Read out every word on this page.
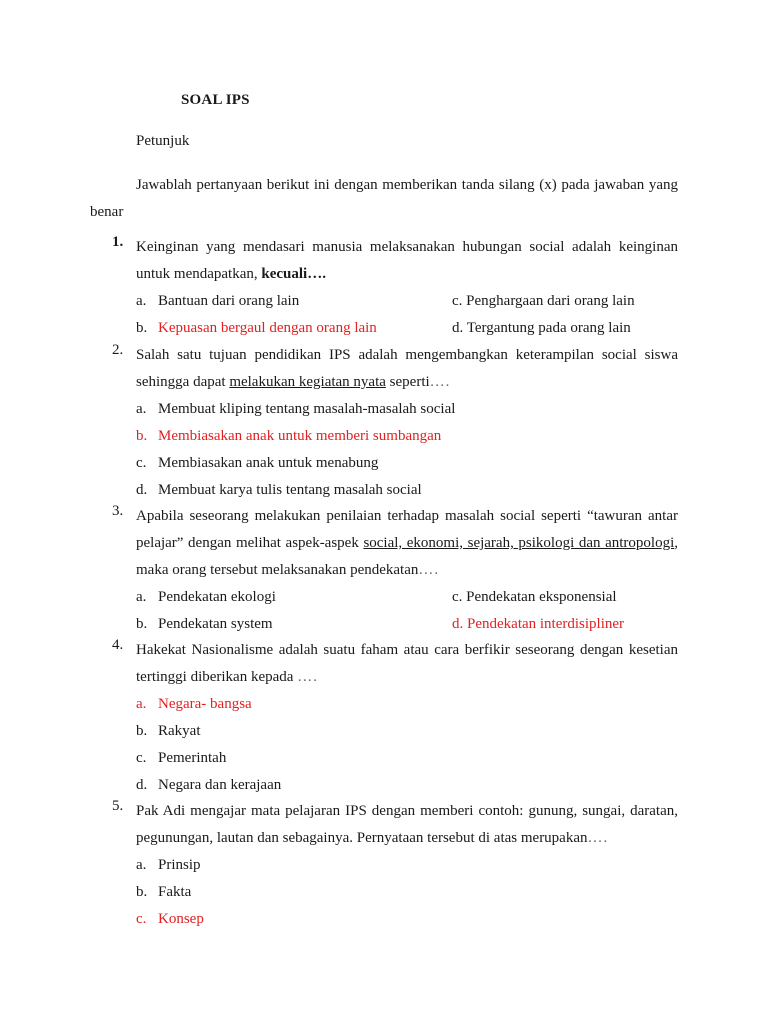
SOAL IPS
Petunjuk
Jawablah pertanyaan berikut ini dengan memberikan tanda silang (x) pada jawaban yang benar
1. Keinginan yang mendasari manusia melaksanakan hubungan social adalah keinginan untuk mendapatkan, kecuali….
a. Bantuan dari orang lain	c. Penghargaan dari orang lain
b. Kepuasan bergaul dengan orang lain	d. Tergantung pada orang lain
2. Salah satu tujuan pendidikan IPS adalah mengembangkan keterampilan social siswa sehingga dapat melakukan kegiatan nyata seperti….
a. Membuat kliping tentang masalah-masalah social
b. Membiasakan anak untuk memberi sumbangan
c. Membiasakan anak untuk menabung
d. Membuat karya tulis tentang masalah social
3. Apabila seseorang melakukan penilaian terhadap masalah social seperti “tawuran antar pelajar” dengan melihat aspek-aspek social, ekonomi, sejarah, psikologi dan antropologi, maka orang tersebut melaksanakan pendekatan….
a. Pendekatan ekologi	c. Pendekatan eksponensial
b. Pendekatan system	d. Pendekatan interdisipliner
4. Hakekat Nasionalisme adalah suatu faham atau cara berfikir seseorang dengan kesetian tertinggi diberikan kepada ….
a. Negara- bangsa
b. Rakyat
c. Pemerintah
d. Negara dan kerajaan
5. Pak Adi mengajar mata pelajaran IPS dengan memberi contoh: gunung, sungai, daratan, pegunungan, lautan dan sebagainya. Pernyataan tersebut di atas merupakan….
a. Prinsip
b. Fakta
c. Konsep
